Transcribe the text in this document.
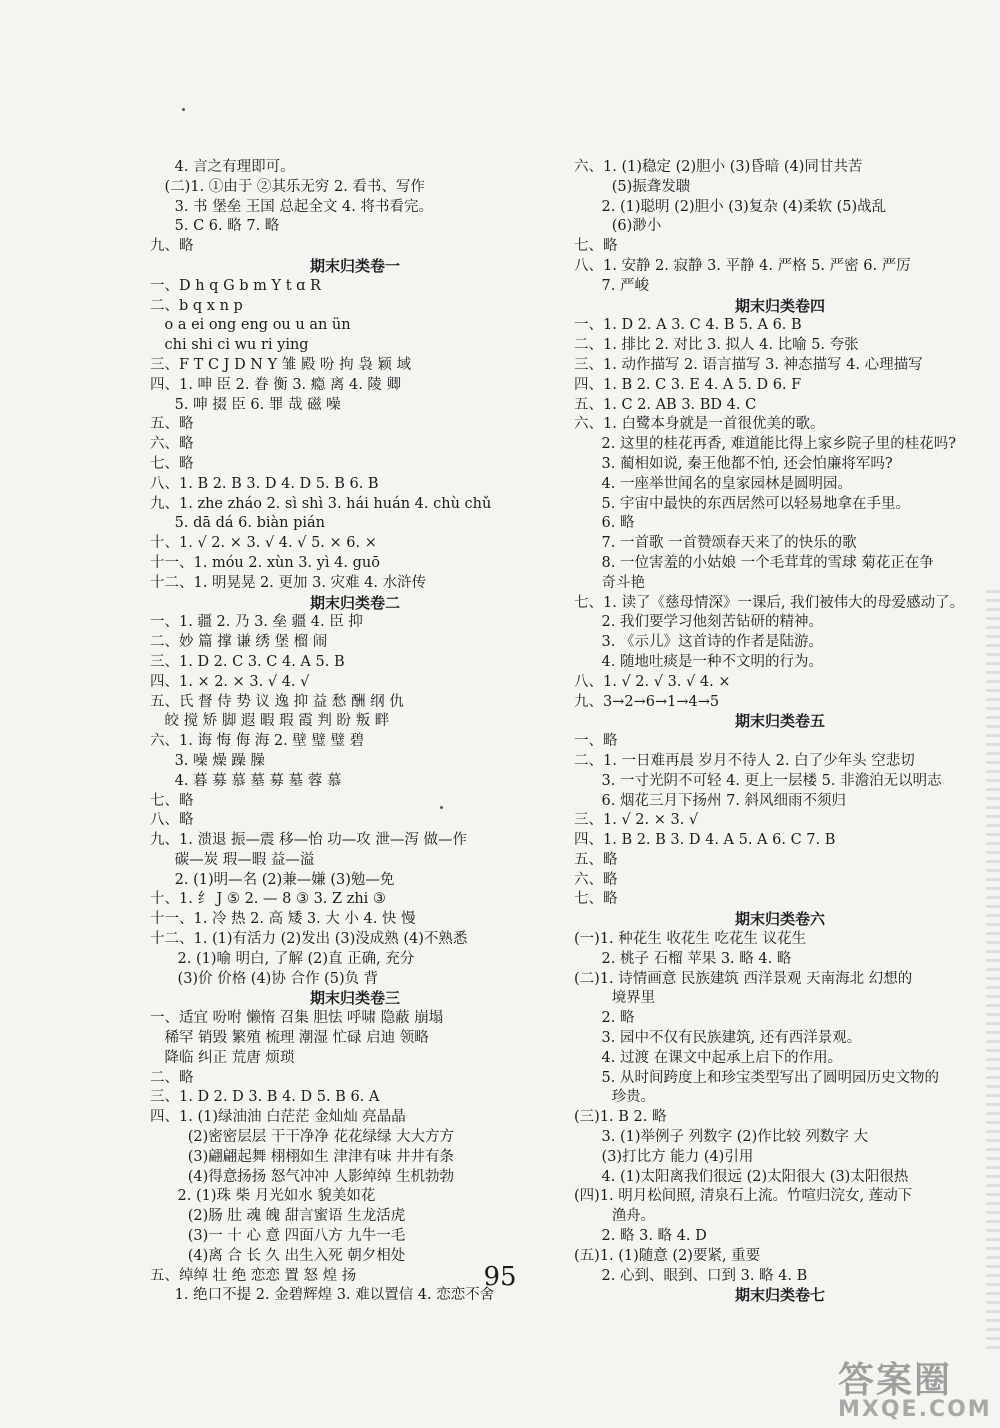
4. 言之有理即可。
(二)1. ①由于 ②其乐无穷 2. 看书、写作
3. 书 堡垒 王国 总起全文 4. 将书看完。
5. C 6. 略 7. 略
九、略
期末归类卷一
一、D h q G b m Y t ɑ R
二、b q x n p
o a ei ong eng ou u an ün
chi shi ci wu ri ying
三、F T C J D N Y 雏 殿 吩 拘 袅 颖 域
四、1. 呻 臣 2. 眷 衡 3. 瘾 离 4. 陵 卿
5. 呻 掇 臣 6. 罪 哉 磁 噪
五、略
六、略
七、略
八、1. B 2. B 3. D 4. D 5. B 6. B
九、1. zhe zháo 2. sì shì 3. hái huán 4. chù chǔ
5. dā dá 6. biàn pián
十、1. √ 2. × 3. √ 4. √ 5. × 6. ×
十一、1. móu 2. xùn 3. yì 4. guō
十二、1. 明晃晃 2. 更加 3. 灾难 4. 水浒传
期末归类卷二
一、1. 疆 2. 乃 3. 垒 疆 4. 臣 抑
二、妙 篇 撑 谦 绣 堡 榴 闹
三、1. D 2. C 3. C 4. A 5. B
四、1. × 2. × 3. √ 4. √
五、氏 督 侍 势 议 逸 抑 益 愁 酬 纲 仇
皎 搅 矫 脚 遐 暇 瑕 霞 判 盼 叛 畔
六、1. 诲 悔 侮 海 2. 壁 璧 璧 碧
3. 噪 燥 躁 臊
4. 暮 募 慕 墓 募 墓 蓉 慕
七、略
八、略
九、1. 溃退 振—震 移—怡 功—攻 泄—泻 做—作
碳—炭 瑕—暇 益—溢
2. (1)明—名 (2)兼—嫌 (3)勉—免
十、1. 纟 J ⑤ 2. — 8 ③ 3. Z zhi ③
十一、1. 冷 热 2. 高 矮 3. 大 小 4. 快 慢
十二、1. (1)有活力 (2)发出 (3)没成熟 (4)不熟悉
2. (1)喻 明白, 了解 (2)直 正确, 充分
(3)价 价格 (4)协 合作 (5)负 背
期末归类卷三
一、适宜 吩咐 懒惰 召集 胆怯 呼啸 隐蔽 崩塌
稀罕 销毁 繁殖 梳理 潮湿 忙碌 启迪 领略
降临 纠正 荒唐 烦琐
二、略
三、1. D 2. D 3. B 4. D 5. B 6. A
四、1. (1)绿油油 白茫茫 金灿灿 亮晶晶
(2)密密层层 干干净净 花花绿绿 大大方方
(3)翩翩起舞 栩栩如生 津津有味 井井有条
(4)得意扬扬 怒气冲冲 人影绰绰 生机勃勃
2. (1)珠 柴 月光如水 貌美如花
(2)肠 肚 魂 魄 甜言蜜语 生龙活虎
(3)一 十 心 意 四面八方 九牛一毛
(4)离 合 长 久 出生入死 朝夕相处
五、绰绰 壮 绝 恋恋 置 怒 煌 扬
1. 绝口不提 2. 金碧辉煌 3. 难以置信 4. 恋恋不舍
六、1. (1)稳定 (2)胆小 (3)昏暗 (4)同甘共苦
(5)振聋发聩
2. (1)聪明 (2)胆小 (3)复杂 (4)柔软 (5)战乱
(6)渺小
七、略
八、1. 安静 2. 寂静 3. 平静 4. 严格 5. 严密 6. 严厉
7. 严峻
期末归类卷四
一、1. D 2. A 3. C 4. B 5. A 6. B
二、1. 排比 2. 对比 3. 拟人 4. 比喻 5. 夸张
三、1. 动作描写 2. 语言描写 3. 神态描写 4. 心理描写
四、1. B 2. C 3. E 4. A 5. D 6. F
五、1. C 2. AB 3. BD 4. C
六、1. 白鹭本身就是一首很优美的歌。
2. 这里的桂花再香, 难道能比得上家乡院子里的桂花吗?
3. 蔺相如说, 秦王他都不怕, 还会怕廉将军吗?
4. 一座举世闻名的皇家园林是圆明园。
5. 宇宙中最快的东西居然可以轻易地拿在手里。
6. 略
7. 一首歌 一首赞颂春天来了的快乐的歌
8. 一位害羞的小姑娘 一个毛茸茸的雪球 菊花正在争
奇斗艳
七、1. 读了《慈母情深》一课后, 我们被伟大的母爱感动了。
2. 我们要学习他刻苦钻研的精神。
3. 《示儿》这首诗的作者是陆游。
4. 随地吐痰是一种不文明的行为。
八、1. √ 2. √ 3. √ 4. ×
九、3→2→6→1→4→5
期末归类卷五
一、略
二、1. 一日难再晨 岁月不待人 2. 白了少年头 空悲切
3. 一寸光阴不可轻 4. 更上一层楼 5. 非澹泊无以明志
6. 烟花三月下扬州 7. 斜风细雨不须归
三、1. √ 2. × 3. √
四、1. B 2. B 3. D 4. A 5. A 6. C 7. B
五、略
六、略
七、略
期末归类卷六
(一)1. 种花生 收花生 吃花生 议花生
2. 桃子 石榴 苹果 3. 略 4. 略
(二)1. 诗情画意 民族建筑 西洋景观 天南海北 幻想的
境界里
2. 略
3. 园中不仅有民族建筑, 还有西洋景观。
4. 过渡 在课文中起承上启下的作用。
5. 从时间跨度上和珍宝类型写出了圆明园历史文物的
珍贵。
(三)1. B 2. 略
3. (1)举例子 列数字 (2)作比较 列数字 大
(3)打比方 能力 (4)引用
4. (1)太阳离我们很远 (2)太阳很大 (3)太阳很热
(四)1. 明月松间照, 清泉石上流。竹喧归浣女, 莲动下
渔舟。
2. 略 3. 略 4. D
(五)1. (1)随意 (2)要紧, 重要
2. 心到、眼到、口到 3. 略 4. B
期末归类卷七
95
答案圈
MXQE.COM
